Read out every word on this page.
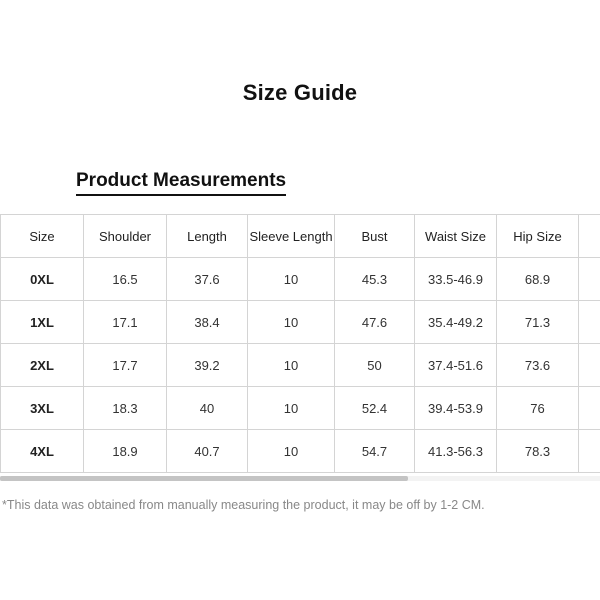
Size Guide
Product Measurements
Size	Shoulder	Length	Sleeve Length	Bust	Waist Size	Hip Size	
0XL	16.5	37.6	10	45.3	33.5-46.9	68.9	
1XL	17.1	38.4	10	47.6	35.4-49.2	71.3	
2XL	17.7	39.2	10	50	37.4-51.6	73.6	
3XL	18.3	40	10	52.4	39.4-53.9	76	
4XL	18.9	40.7	10	54.7	41.3-56.3	78.3	
*This data was obtained from manually measuring the product, it may be off by 1-2 CM.
